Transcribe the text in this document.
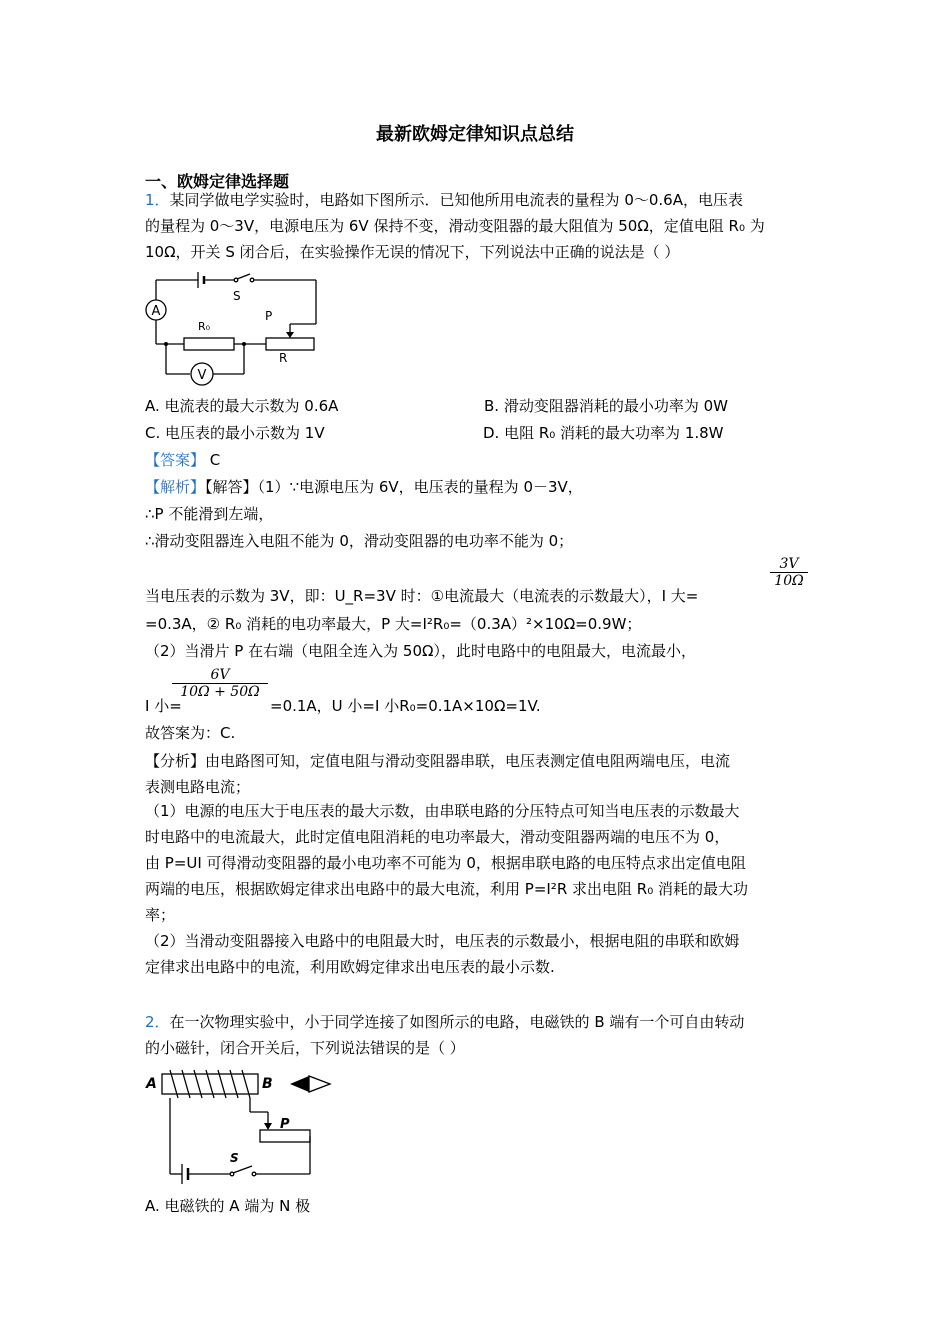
最新欧姆定律知识点总结
一、欧姆定律选择题
1．某同学做电学实验时，电路如下图所示．已知他所用电流表的量程为 0～0.6A，电压表
的量程为 0～3V，电源电压为 6V 保持不变，滑动变阻器的最大阻值为 50Ω，定值电阻 R₀ 为
10Ω，开关 S 闭合后，在实验操作无误的情况下，下列说法中正确的说法是（ ）
A
V
S
R₀
P
R
A. 电流表的最大示数为 0.6A	B. 滑动变阻器消耗的最小功率为 0W
C. 电压表的最小示数为 1V	D. 电阻 R₀ 消耗的最大功率为 1.8W
【答案】 C
【解析】【解答】（1）∵电源电压为 6V，电压表的量程为 0－3V，
∴P 不能滑到左端，
∴滑动变阻器连入电阻不能为 0，滑动变阻器的电功率不能为 0；
当电压表的示数为 3V，即：U_R=3V 时：①电流最大（电流表的示数最大），I 大=
$\frac{3V}{10\Omega}$
=0.3A，② R₀ 消耗的电功率最大，P 大=I²R₀=（0.3A）²×10Ω=0.9W；
（2）当滑片 P 在右端（电阻全连入为 50Ω），此时电路中的电阻最大，电流最小，
I 小=
$\frac{6V}{10\Omega + 50\Omega}$
=0.1A，U 小=I 小R₀=0.1A×10Ω=1V.
故答案为：C.
【分析】由电路图可知，定值电阻与滑动变阻器串联，电压表测定值电阻两端电压，电流
表测电路电流；
（1）电源的电压大于电压表的最大示数，由串联电路的分压特点可知当电压表的示数最大
时电路中的电流最大，此时定值电阻消耗的电功率最大，滑动变阻器两端的电压不为 0，
由 P=UI 可得滑动变阻器的最小电功率不可能为 0，根据串联电路的电压特点求出定值电阻
两端的电压，根据欧姆定律求出电路中的最大电流，利用 P=I²R 求出电阻 R₀ 消耗的最大功
率；
（2）当滑动变阻器接入电路中的电阻最大时，电压表的示数最小，根据电阻的串联和欧姆
定律求出电路中的电流，利用欧姆定律求出电压表的最小示数.
2．在一次物理实验中，小于同学连接了如图所示的电路，电磁铁的 B 端有一个可自由转动
的小磁针，闭合开关后，下列说法错误的是（ ）
A	B
P
S
A. 电磁铁的 A 端为 N 极
